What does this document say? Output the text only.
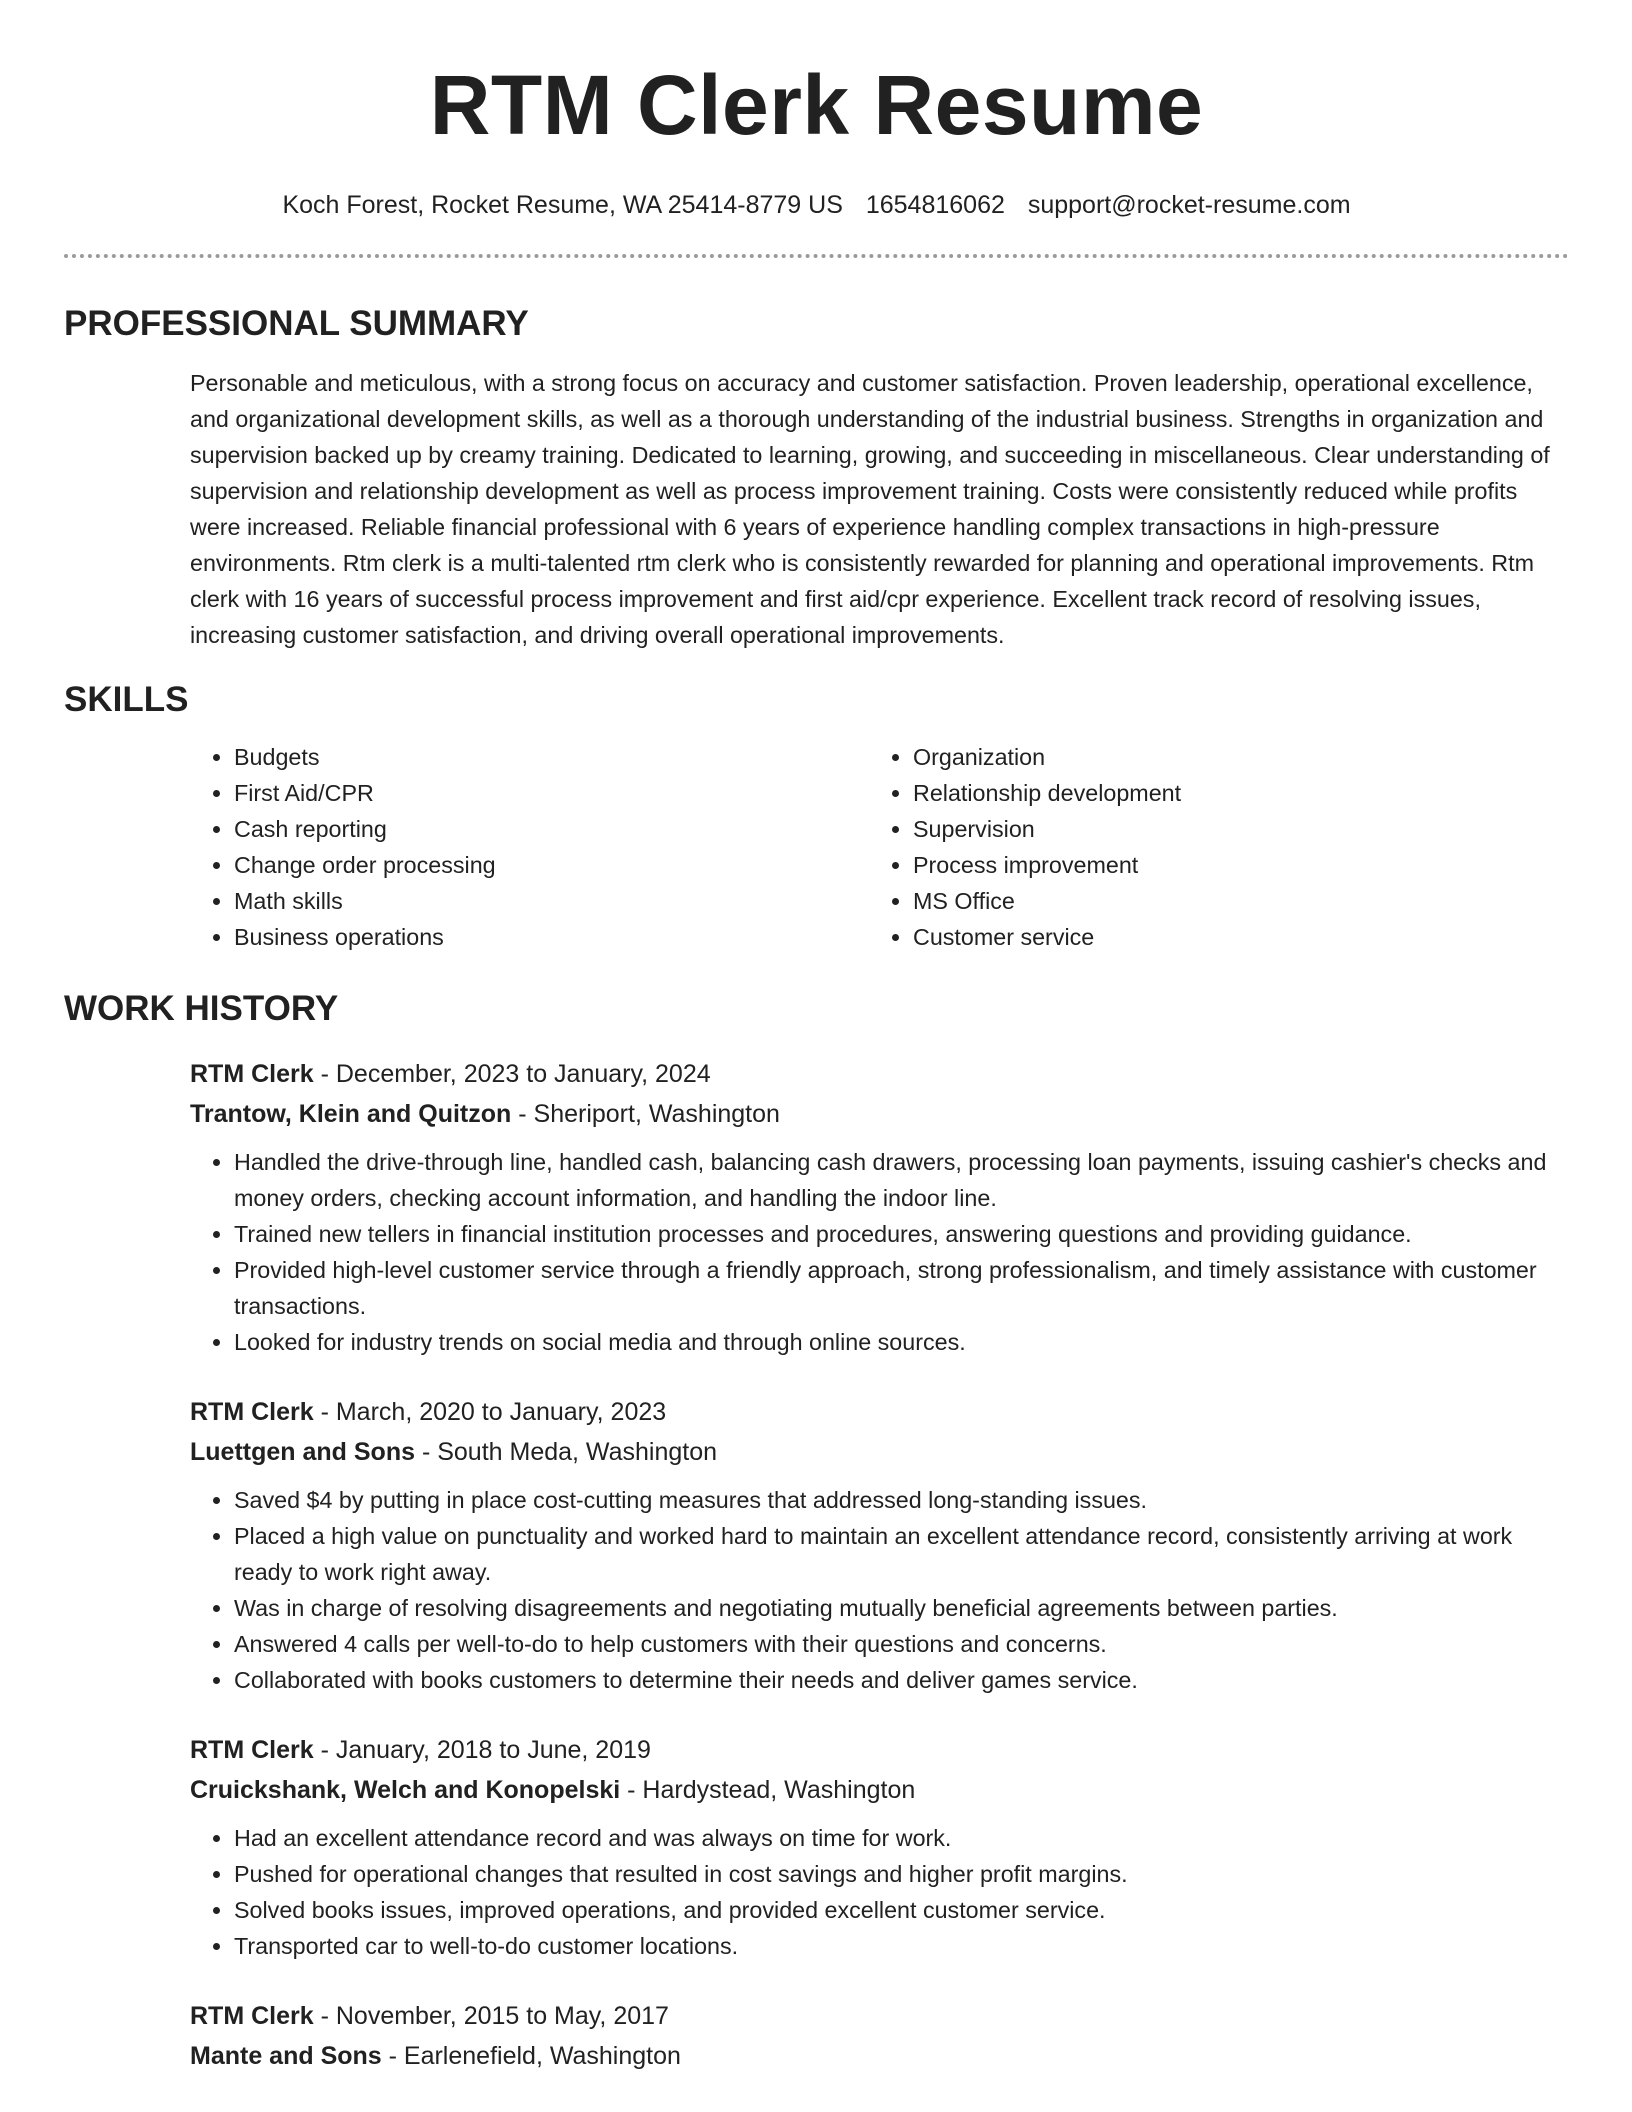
RTM Clerk Resume
Koch Forest, Rocket Resume, WA 25414-8779 US 1654816062 support@rocket-resume.com
PROFESSIONAL SUMMARY

Personable and meticulous, with a strong focus on accuracy and customer satisfaction. Proven leadership, operational excellence, and organizational development skills, as well as a thorough understanding of the industrial business. Strengths in organization and supervision backed up by creamy training. Dedicated to learning, growing, and succeeding in miscellaneous. Clear understanding of supervision and relationship development as well as process improvement training. Costs were consistently reduced while profits were increased. Reliable financial professional with 6 years of experience handling complex transactions in high-pressure environments. Rtm clerk is a multi-talented rtm clerk who is consistently rewarded for planning and operational improvements. Rtm clerk with 16 years of successful process improvement and first aid/cpr experience. Excellent track record of resolving issues, increasing customer satisfaction, and driving overall operational improvements.

SKILLS
• Budgets
• First Aid/CPR
• Cash reporting
• Change order processing
• Math skills
• Business operations
• Organization
• Relationship development
• Supervision
• Process improvement
• MS Office
• Customer service
WORK HISTORY
RTM Clerk - December, 2023 to January, 2024
Trantow, Klein and Quitzon - Sheriport, Washington
• Handled the drive-through line, handled cash, balancing cash drawers, processing loan payments, issuing cashier's checks and money orders, checking account information, and handling the indoor line.
• Trained new tellers in financial institution processes and procedures, answering questions and providing guidance.
• Provided high-level customer service through a friendly approach, strong professionalism, and timely assistance with customer transactions.
• Looked for industry trends on social media and through online sources.
RTM Clerk - March, 2020 to January, 2023
Luettgen and Sons - South Meda, Washington
• Saved $4 by putting in place cost-cutting measures that addressed long-standing issues.
• Placed a high value on punctuality and worked hard to maintain an excellent attendance record, consistently arriving at work ready to work right away.
• Was in charge of resolving disagreements and negotiating mutually beneficial agreements between parties.
• Answered 4 calls per well-to-do to help customers with their questions and concerns.
• Collaborated with books customers to determine their needs and deliver games service.
RTM Clerk - January, 2018 to June, 2019
Cruickshank, Welch and Konopelski - Hardystead, Washington
• Had an excellent attendance record and was always on time for work.
• Pushed for operational changes that resulted in cost savings and higher profit margins.
• Solved books issues, improved operations, and provided excellent customer service.
• Transported car to well-to-do customer locations.
RTM Clerk - November, 2015 to May, 2017
Mante and Sons - Earlenefield, Washington
